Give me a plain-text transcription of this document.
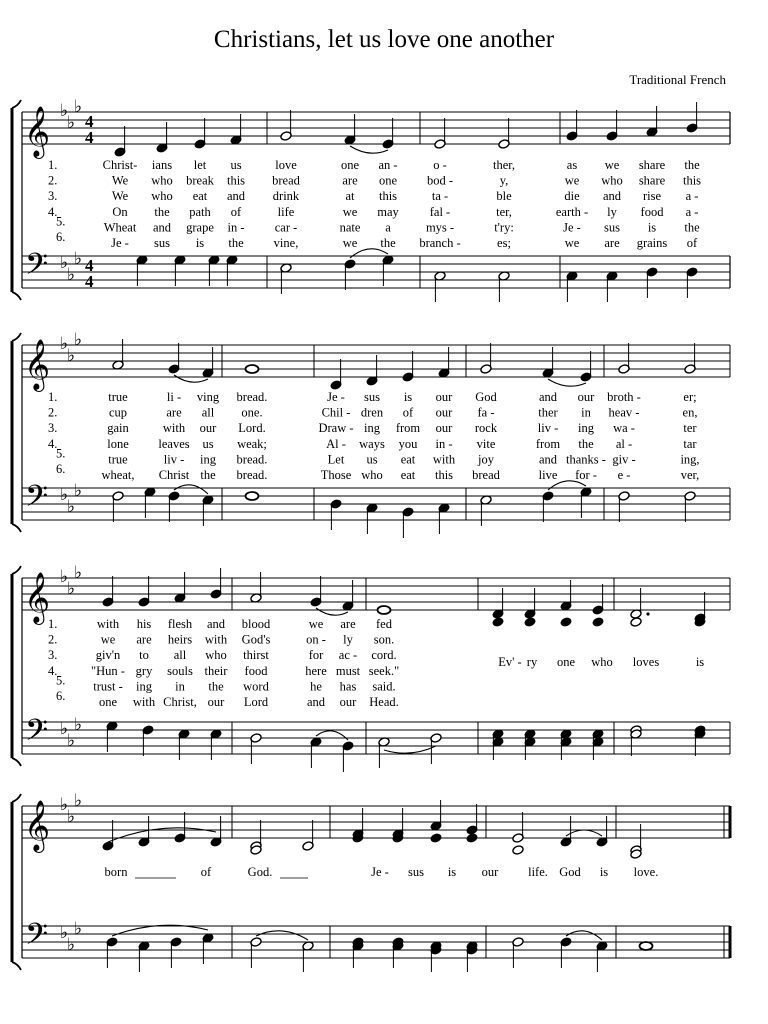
Christians, let us love one another
Traditional French
𝄞
𝄢
♭
♭
♭
♭
♭
♭
4
4
4
4
1.	Christ- ians let us	love	one an -	o -	ther,	as we share the
2.	We who break this bread	are one bod -	y,	we who share this
3.	We who eat and drink	at this	ta -	ble	die and rise a -
4.	On the path of	life	we may fal -	ter,	earth - ly food a -
5.	Wheat and grape in - car -	nate a	mys -	t'ry:	Je - sus is the
6.	Je - sus is the vine,	we the branch -	es;	we are grains of
𝄞
𝄢
♭
♭
♭
♭
♭
♭
1.	true	li - ving bread.	Je - sus is our God	and our broth -	er;
2.	cup	are all one.	Chil - dren of our fa -	ther in heav -	en,
3.	gain	with our Lord.	Draw - ing from our rock	liv - ing wa -	ter
4.	lone leaves us weak;	Al - ways you in - vite	from the al -	tar
5.	true	liv - ing bread.	Let us eat with joy	and thanks - giv -	ing,
6.	wheat, Christ the bread.	Those who eat this bread	live for - e -	ver,
𝄞
𝄢
♭
♭
♭
♭
♭
♭
1.	with his flesh and blood	we are fed
2.	we are heirs with God's	on - ly son.
3.	giv'n to all who thirst	for ac - cord.
4.	"Hun - gry souls their food	here must seek."
5. trust - ing in the word	he has said.
6.	one with Christ, our Lord	and our Head.
Ev' - ry one who loves	is
𝄞
𝄢
♭
♭
♭
♭
♭
♭
born	of	God.	Je - sus is our life. God is love.
